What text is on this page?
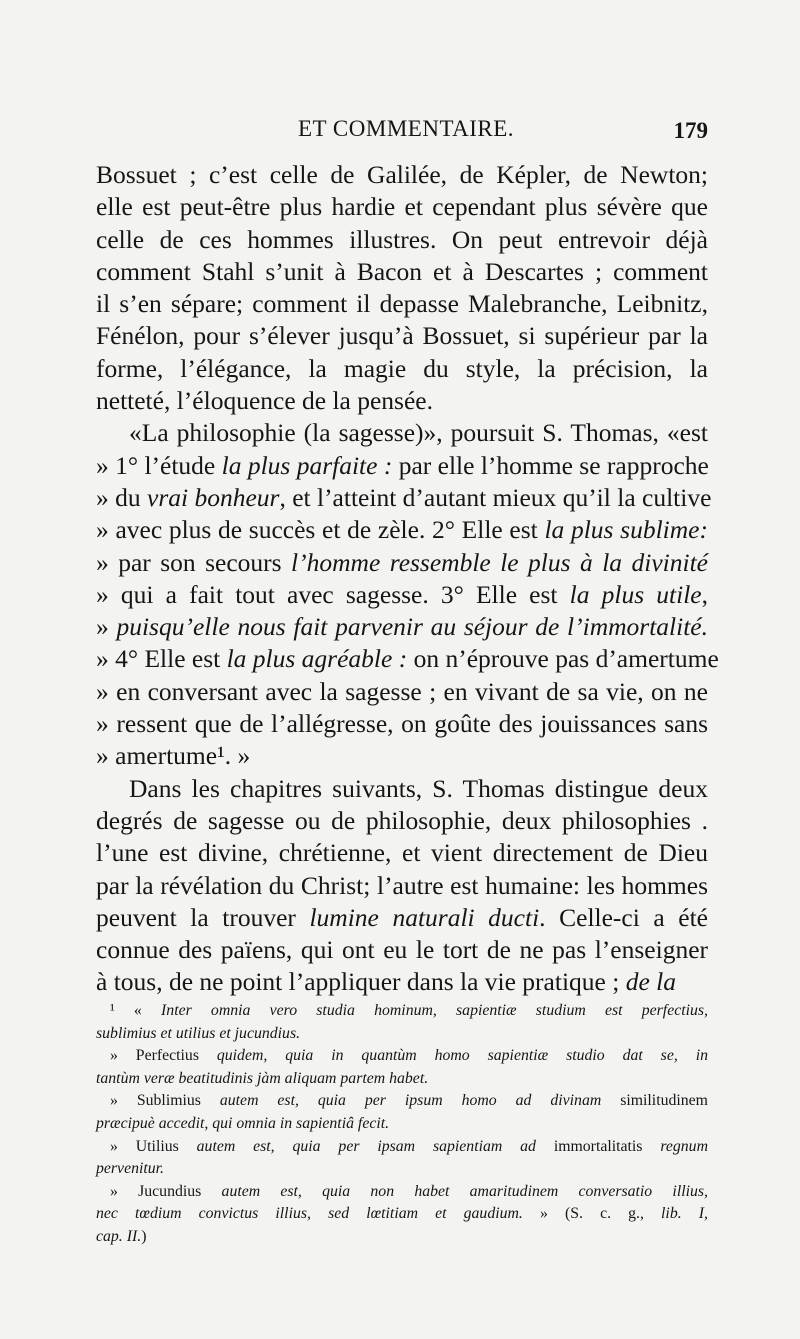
ET COMMENTAIRE.	179
Bossuet ; c’est celle de Galilée, de Képler, de Newton;
elle est peut-être plus hardie et cependant plus sévère que
celle de ces hommes illustres. On peut entrevoir déjà
comment Stahl s’unit à Bacon et à Descartes ; comment
il s’en sépare; comment il depasse Malebranche, Leibnitz,
Fénélon, pour s’élever jusqu’à Bossuet, si supérieur par la
forme, l’élégance, la magie du style, la précision, la
netteté, l’éloquence de la pensée.
«La philosophie (la sagesse)», poursuit S. Thomas, «est
» 1° l’étude la plus parfaite : par elle l’homme se rapproche
» du vrai bonheur, et l’atteint d’autant mieux qu’il la cultive
» avec plus de succès et de zèle. 2° Elle est la plus sublime:
» par son secours l’homme ressemble le plus à la divinité
» qui a fait tout avec sagesse. 3° Elle est la plus utile,
» puisqu’elle nous fait parvenir au séjour de l’immortalité.
» 4° Elle est la plus agréable : on n’éprouve pas d’amertume
» en conversant avec la sagesse ; en vivant de sa vie, on ne
» ressent que de l’allégresse, on goûte des jouissances sans
» amertume¹. »
Dans les chapitres suivants, S. Thomas distingue deux
degrés de sagesse ou de philosophie, deux philosophies .
l’une est divine, chrétienne, et vient directement de Dieu
par la révélation du Christ; l’autre est humaine: les hommes
peuvent la trouver lumine naturali ducti. Celle-ci a été
connue des païens, qui ont eu le tort de ne pas l’enseigner
à tous, de ne point l’appliquer dans la vie pratique ; de la
¹ « Inter omnia vero studia hominum, sapientiæ studium est perfectius,
sublimius et utilius et jucundius.
» Perfectius quidem, quia in quantùm homo sapientiæ studio dat se, in
tantùm veræ beatitudinis jàm aliquam partem habet.
» Sublimius autem est, quia per ipsum homo ad divinam similitudinem
præcipuè accedit, qui omnia in sapientiâ fecit.
» Utilius autem est, quia per ipsam sapientiam ad immortalitatis regnum
pervenitur.
» Jucundius autem est, quia non habet amaritudinem conversatio illius,
nec tœdium convictus illius, sed lœtitiam et gaudium. » (S. c. g., lib. I,
cap. II.)
